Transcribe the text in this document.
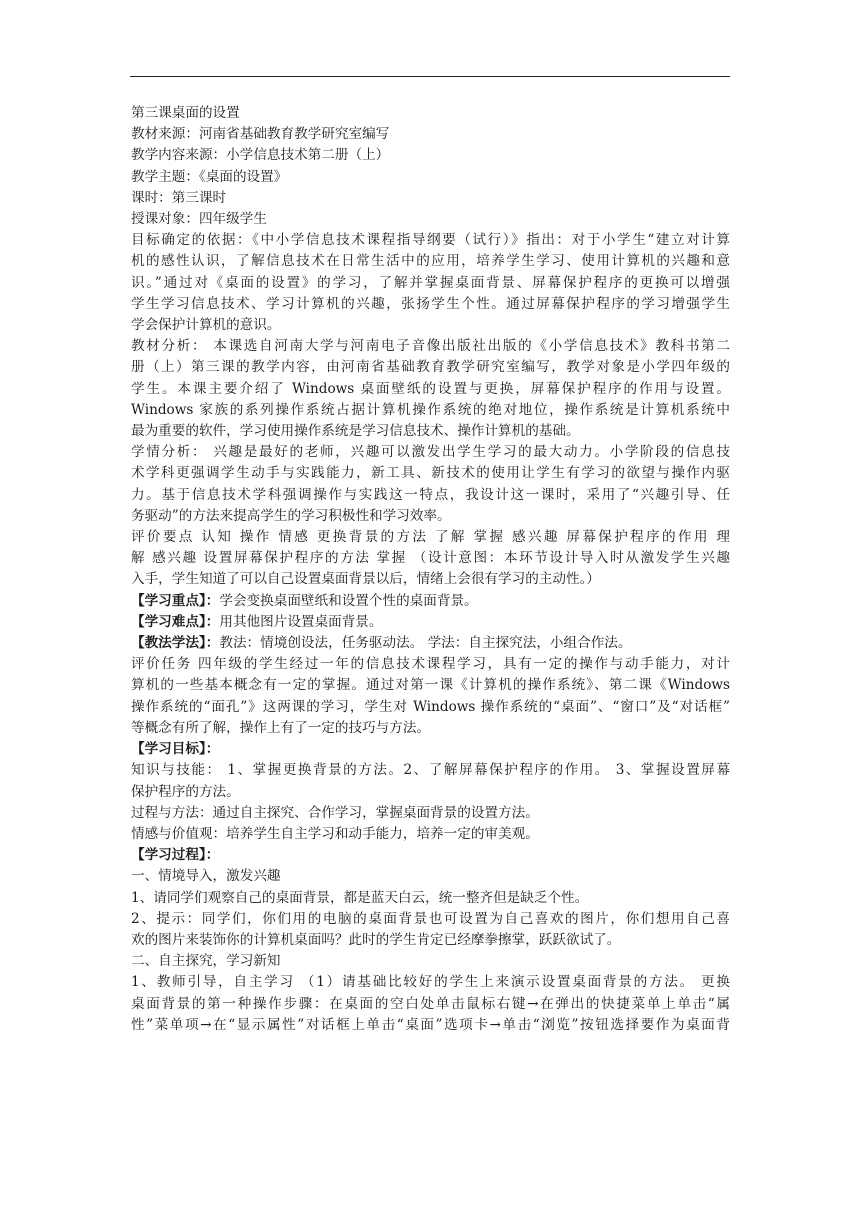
第三课桌面的设置
教材来源：河南省基础教育教学研究室编写
教学内容来源：小学信息技术第二册（上）
教学主题：《桌面的设置》
课时：第三课时
授课对象：四年级学生
目标确定的依据：《中小学信息技术课程指导纲要（试行）》指出：对于小学生“建立对计算
机的感性认识，了解信息技术在日常生活中的应用，培养学生学习、使用计算机的兴趣和意
识。”通过对《桌面的设置》的学习，了解并掌握桌面背景、屏幕保护程序的更换可以增强
学生学习信息技术、学习计算机的兴趣，张扬学生个性。通过屏幕保护程序的学习增强学生
学会保护计算机的意识。
教材分析： 本课选自河南大学与河南电子音像出版社出版的《小学信息技术》教科书第二
册（上）第三课的教学内容，由河南省基础教育教学研究室编写，教学对象是小学四年级的
学生。本课主要介绍了 Windows 桌面壁纸的设置与更换，屏幕保护程序的作用与设置。
Windows 家族的系列操作系统占据计算机操作系统的绝对地位，操作系统是计算机系统中
最为重要的软件，学习使用操作系统是学习信息技术、操作计算机的基础。
学情分析： 兴趣是最好的老师，兴趣可以激发出学生学习的最大动力。小学阶段的信息技
术学科更强调学生动手与实践能力，新工具、新技术的使用让学生有学习的欲望与操作内驱
力。基于信息技术学科强调操作与实践这一特点，我设计这一课时，采用了“兴趣引导、任
务驱动”的方法来提高学生的学习积极性和学习效率。
评价要点 认知 操作 情感 更换背景的方法 了解 掌握 感兴趣 屏幕保护程序的作用 理
解 感兴趣 设置屏幕保护程序的方法 掌握 （设计意图：本环节设计导入时从激发学生兴趣
入手，学生知道了可以自己设置桌面背景以后，情绪上会很有学习的主动性。）
【学习重点】：学会变换桌面壁纸和设置个性的桌面背景。
【学习难点】：用其他图片设置桌面背景。
【教法学法】：教法：情境创设法，任务驱动法。 学法：自主探究法，小组合作法。
评价任务 四年级的学生经过一年的信息技术课程学习，具有一定的操作与动手能力，对计
算机的一些基本概念有一定的掌握。通过对第一课《计算机的操作系统》、第二课《Windows
操作系统的“面孔”》这两课的学习，学生对 Windows 操作系统的“桌面”、“窗口”及“对话框”
等概念有所了解，操作上有了一定的技巧与方法。
【学习目标】：
知识与技能： 1、掌握更换背景的方法。2、了解屏幕保护程序的作用。 3、掌握设置屏幕
保护程序的方法。
过程与方法：通过自主探究、合作学习，掌握桌面背景的设置方法。
情感与价值观：培养学生自主学习和动手能力，培养一定的审美观。
【学习过程】：
一、情境导入，激发兴趣
1、请同学们观察自己的桌面背景，都是蓝天白云，统一整齐但是缺乏个性。
2、提示：同学们，你们用的电脑的桌面背景也可设置为自己喜欢的图片，你们想用自己喜
欢的图片来装饰你的计算机桌面吗？此时的学生肯定已经摩拳擦掌，跃跃欲试了。
二、自主探究，学习新知
1、教师引导，自主学习 （1）请基础比较好的学生上来演示设置桌面背景的方法。 更换
桌面背景的第一种操作步骤：在桌面的空白处单击鼠标右键→在弹出的快捷菜单上单击“属
性”菜单项→在“显示属性”对话框上单击“桌面”选项卡→单击“浏览”按钮选择要作为桌面背
